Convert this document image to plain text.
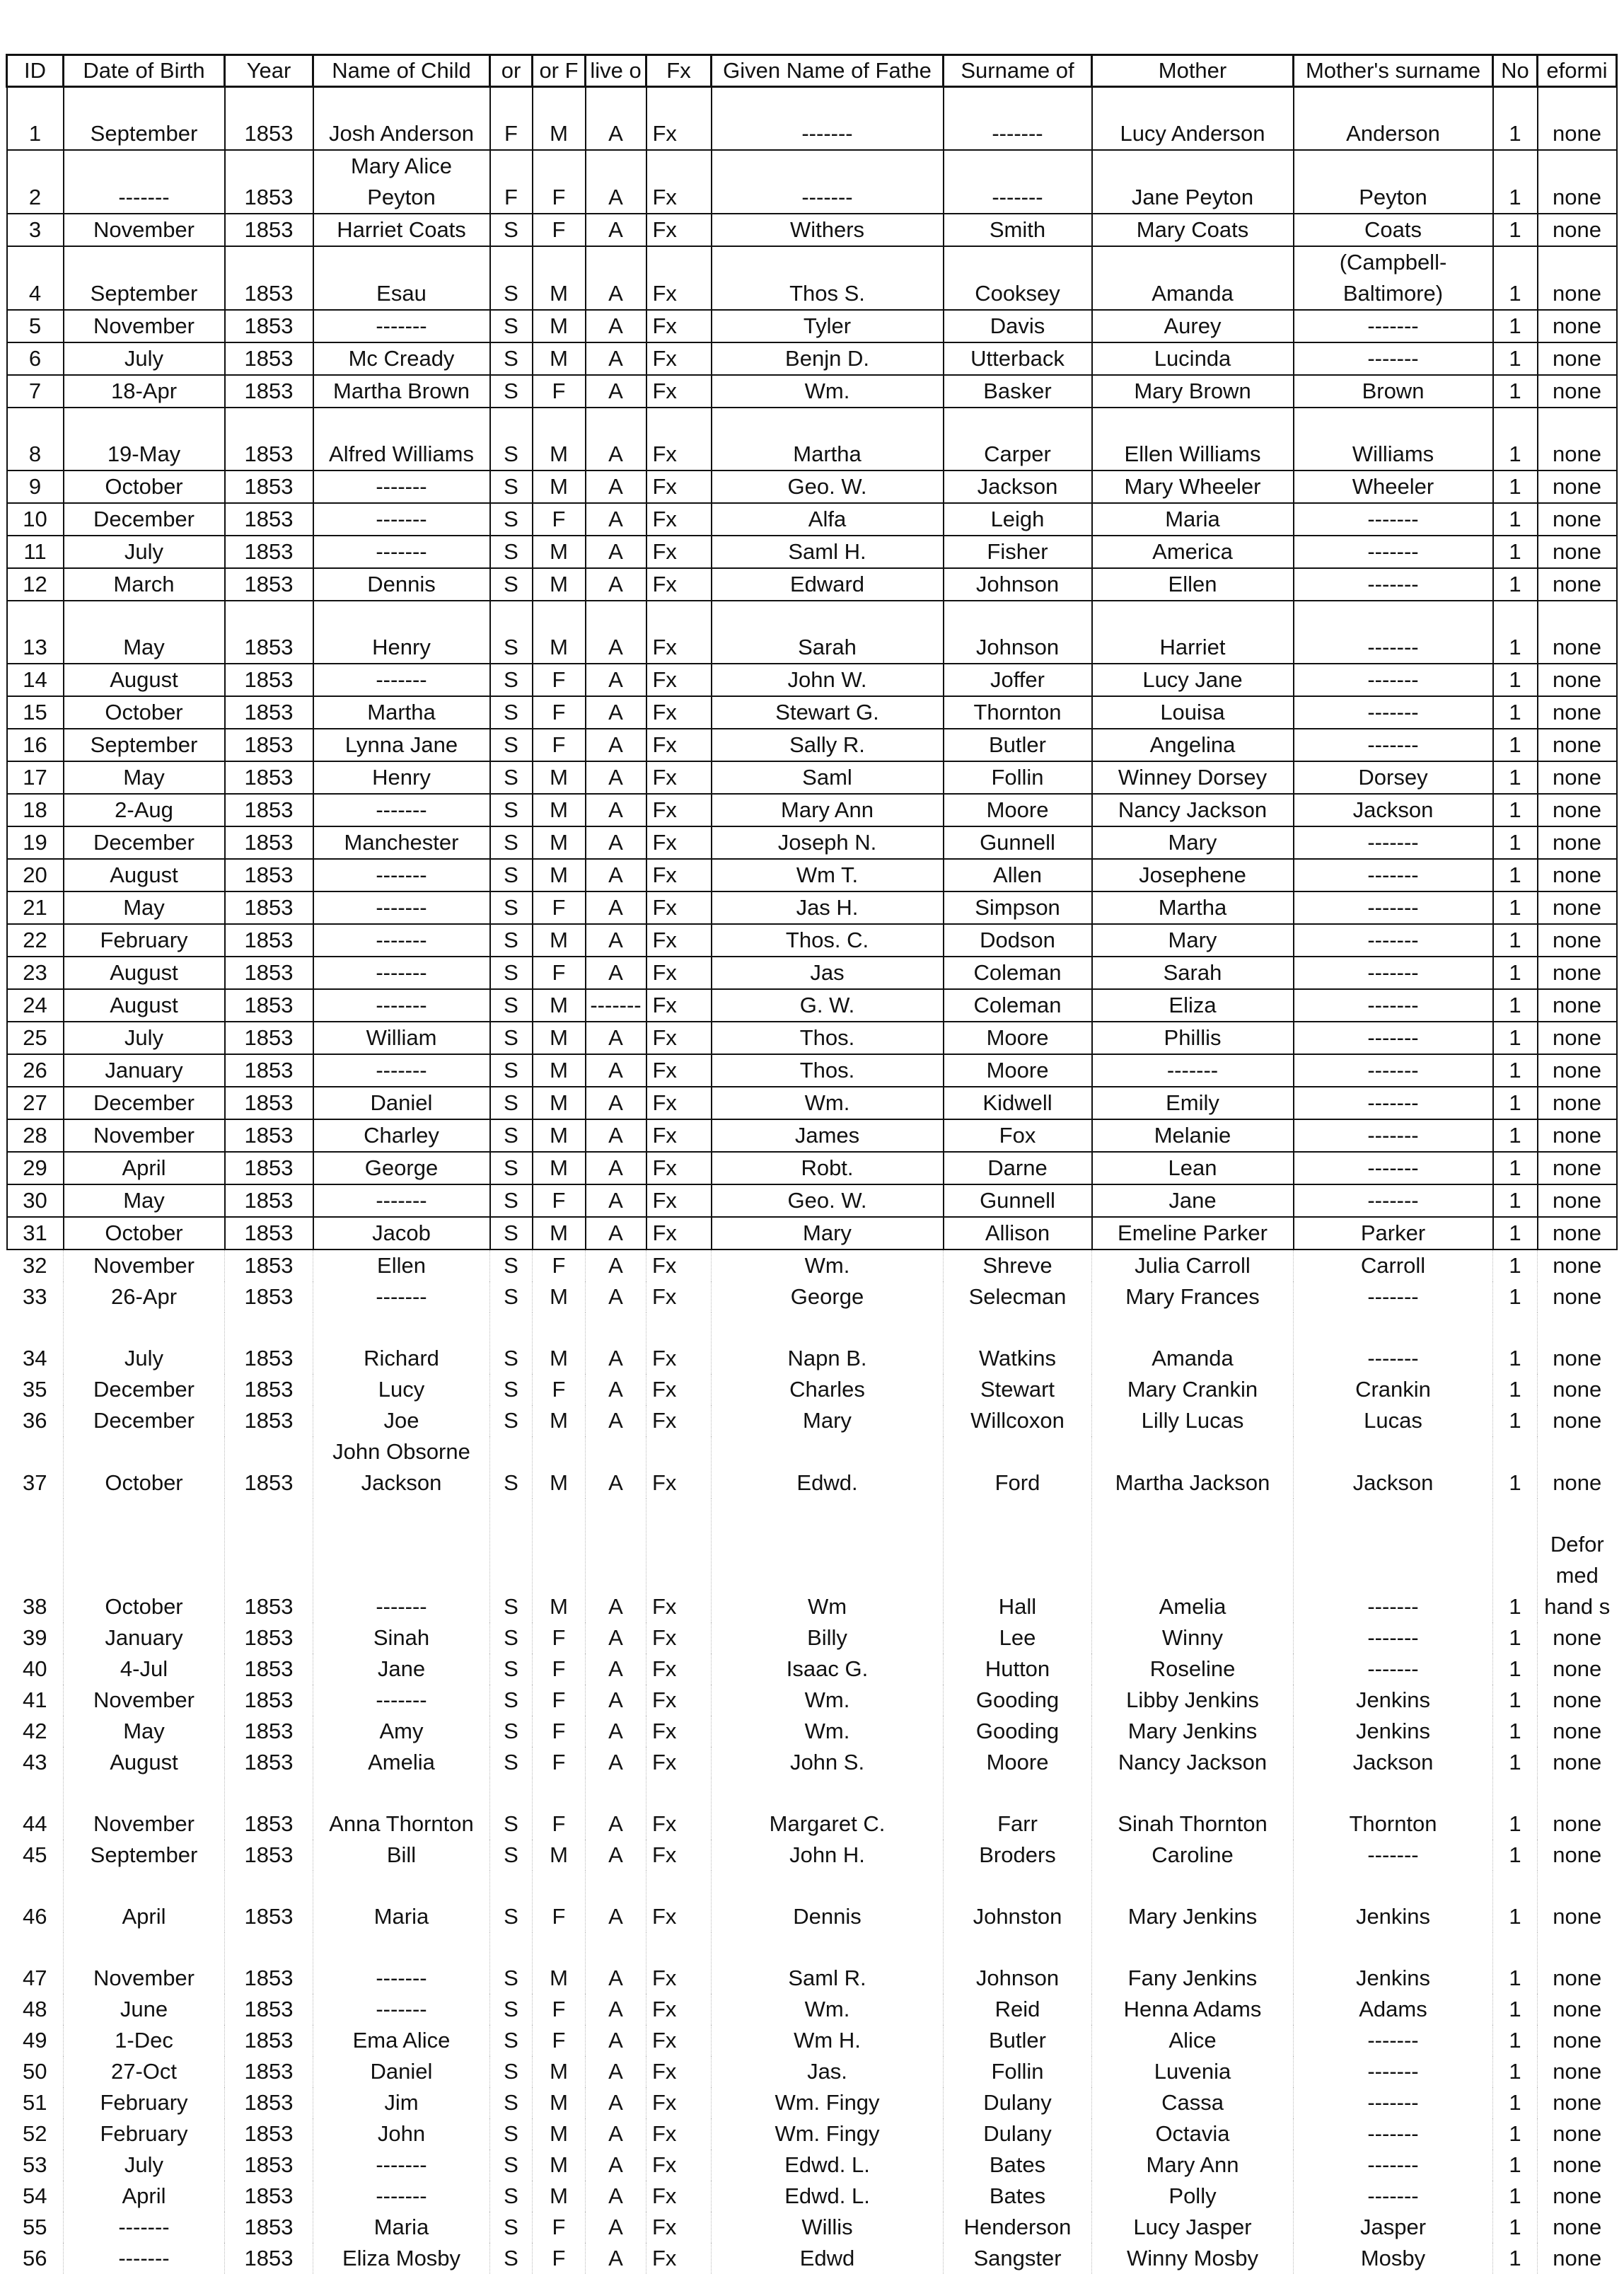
ID	Date of Birth	Year	Name of Child	or	or F	live o	Fx	Given Name of Fathe	Surname of	Mother	Mother's surname	No	eformi
1	September	1853	Josh Anderson	F	M	A	Fx	-------	-------	Lucy Anderson	Anderson	1	none
2	-------	1853	Mary Alice Peyton	F	F	A	Fx	-------	-------	Jane Peyton	Peyton	1	none
3	November	1853	Harriet Coats	S	F	A	Fx	Withers	Smith	Mary Coats	Coats	1	none
4	September	1853	Esau	S	M	A	Fx	Thos S.	Cooksey	Amanda	(Campbell- Baltimore)	1	none
5	November	1853	-------	S	M	A	Fx	Tyler	Davis	Aurey	-------	1	none
6	July	1853	Mc Cready	S	M	A	Fx	Benjn D.	Utterback	Lucinda	-------	1	none
7	18-Apr	1853	Martha Brown	S	F	A	Fx	Wm.	Basker	Mary Brown	Brown	1	none
8	19-May	1853	Alfred Williams	S	M	A	Fx	Martha	Carper	Ellen Williams	Williams	1	none
9	October	1853	-------	S	M	A	Fx	Geo. W.	Jackson	Mary Wheeler	Wheeler	1	none
10	December	1853	-------	S	F	A	Fx	Alfa	Leigh	Maria	-------	1	none
11	July	1853	-------	S	M	A	Fx	Saml H.	Fisher	America	-------	1	none
12	March	1853	Dennis	S	M	A	Fx	Edward	Johnson	Ellen	-------	1	none
13	May	1853	Henry	S	M	A	Fx	Sarah	Johnson	Harriet	-------	1	none
14	August	1853	-------	S	F	A	Fx	John W.	Joffer	Lucy Jane	-------	1	none
15	October	1853	Martha	S	F	A	Fx	Stewart G.	Thornton	Louisa	-------	1	none
16	September	1853	Lynna Jane	S	F	A	Fx	Sally R.	Butler	Angelina	-------	1	none
17	May	1853	Henry	S	M	A	Fx	Saml	Follin	Winney Dorsey	Dorsey	1	none
18	2-Aug	1853	-------	S	M	A	Fx	Mary Ann	Moore	Nancy Jackson	Jackson	1	none
19	December	1853	Manchester	S	M	A	Fx	Joseph N.	Gunnell	Mary	-------	1	none
20	August	1853	-------	S	M	A	Fx	Wm T.	Allen	Josephene	-------	1	none
21	May	1853	-------	S	F	A	Fx	Jas H.	Simpson	Martha	-------	1	none
22	February	1853	-------	S	M	A	Fx	Thos. C.	Dodson	Mary	-------	1	none
23	August	1853	-------	S	F	A	Fx	Jas	Coleman	Sarah	-------	1	none
24	August	1853	-------	S	M	-------	Fx	G. W.	Coleman	Eliza	-------	1	none
25	July	1853	William	S	M	A	Fx	Thos.	Moore	Phillis	-------	1	none
26	January	1853	-------	S	M	A	Fx	Thos.	Moore	-------	-------	1	none
27	December	1853	Daniel	S	M	A	Fx	Wm.	Kidwell	Emily	-------	1	none
28	November	1853	Charley	S	M	A	Fx	James	Fox	Melanie	-------	1	none
29	April	1853	George	S	M	A	Fx	Robt.	Darne	Lean	-------	1	none
30	May	1853	-------	S	F	A	Fx	Geo. W.	Gunnell	Jane	-------	1	none
31	October	1853	Jacob	S	M	A	Fx	Mary	Allison	Emeline Parker	Parker	1	none
32	November	1853	Ellen	S	F	A	Fx	Wm.	Shreve	Julia Carroll	Carroll	1	none
33	26-Apr	1853	-------	S	M	A	Fx	George	Selecman	Mary Frances	-------	1	none
34	July	1853	Richard	S	M	A	Fx	Napn B.	Watkins	Amanda	-------	1	none
35	December	1853	Lucy	S	F	A	Fx	Charles	Stewart	Mary Crankin	Crankin	1	none
36	December	1853	Joe	S	M	A	Fx	Mary	Willcoxon	Lilly Lucas	Lucas	1	none
37	October	1853	John Obsorne Jackson	S	M	A	Fx	Edwd.	Ford	Martha Jackson	Jackson	1	none
38	October	1853	-------	S	M	A	Fx	Wm	Hall	Amelia	-------	1	Defor med hand s
39	January	1853	Sinah	S	F	A	Fx	Billy	Lee	Winny	-------	1	none
40	4-Jul	1853	Jane	S	F	A	Fx	Isaac G.	Hutton	Roseline	-------	1	none
41	November	1853	-------	S	F	A	Fx	Wm.	Gooding	Libby Jenkins	Jenkins	1	none
42	May	1853	Amy	S	F	A	Fx	Wm.	Gooding	Mary Jenkins	Jenkins	1	none
43	August	1853	Amelia	S	F	A	Fx	John S.	Moore	Nancy Jackson	Jackson	1	none
44	November	1853	Anna Thornton	S	F	A	Fx	Margaret C.	Farr	Sinah Thornton	Thornton	1	none
45	September	1853	Bill	S	M	A	Fx	John H.	Broders	Caroline	-------	1	none
46	April	1853	Maria	S	F	A	Fx	Dennis	Johnston	Mary Jenkins	Jenkins	1	none
47	November	1853	-------	S	M	A	Fx	Saml R.	Johnson	Fany Jenkins	Jenkins	1	none
48	June	1853	-------	S	F	A	Fx	Wm.	Reid	Henna Adams	Adams	1	none
49	1-Dec	1853	Ema Alice	S	F	A	Fx	Wm H.	Butler	Alice	-------	1	none
50	27-Oct	1853	Daniel	S	M	A	Fx	Jas.	Follin	Luvenia	-------	1	none
51	February	1853	Jim	S	M	A	Fx	Wm. Fingy	Dulany	Cassa	-------	1	none
52	February	1853	John	S	M	A	Fx	Wm. Fingy	Dulany	Octavia	-------	1	none
53	July	1853	-------	S	M	A	Fx	Edwd. L.	Bates	Mary Ann	-------	1	none
54	April	1853	-------	S	M	A	Fx	Edwd. L.	Bates	Polly	-------	1	none
55	-------	1853	Maria	S	F	A	Fx	Willis	Henderson	Lucy Jasper	Jasper	1	none
56	-------	1853	Eliza Mosby	S	F	A	Fx	Edwd	Sangster	Winny Mosby	Mosby	1	none
